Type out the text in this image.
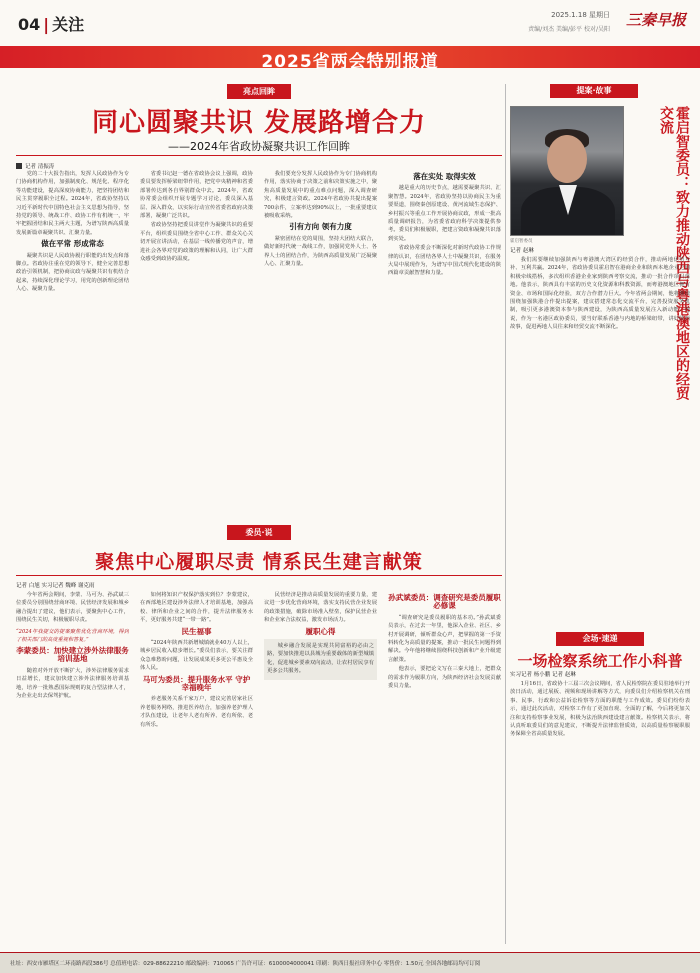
04 | 关注	三秦早报
2025.1.18 星期日
责编/刘杰 美编/彭平 校对/吴阳
2025省两会特别报道
亮点回眸
同心圆聚共识 发展路增合力
——2024年省政协凝聚共识工作回眸
记者 清振涛

党的二十大报告指出，发挥人民政协作为专门协商机构作用，加强制度化、规范化、程序化等功能建设，提高深度协商能力，把坚持团结和民主贯穿履职全过程。2024年，省政协坚持以习近平新时代中国特色社会主义思想为指导，坚持党的领导、统战工作、政协工作有机统一，牢牢把握团结和民主两大主题，为谱写陕西高质量发展新篇章凝聚共识、汇聚力量。

做在平常 形成常态

凝聚共识是人民政协履行职能的出发点和落脚点。省政协注重在党的领导下，健全完善思想政治引领机制，把协商议政与凝聚共识有机结合起来，持续深化理论学习，用党的创新理论团结人心、凝聚力量。

省委书记赵一德在省政协会议上强调，政协委员要发挥桥梁纽带作用，把党中央精神和省委部署传达到各自界别群众中去。2024年，省政协常委会组织开展专题学习讨论，委员深入基层、深入群众，以实际行动宣传省委省政府决策部署，凝聚广泛共识。

省政协坚持把委员讲堂作为凝聚共识的重要平台，组织委员围绕全省中心工作、群众关心关切开展宣讲活动，在基层一线传播党的声音，增进社会各界对党的政策的理解和认同，让广大群众感受到政协的温度。

我们要充分发挥人民政协作为专门协商机构作用，落实协商于决策之前和决策实施之中，聚焦高质量发展中的重点难点问题，深入调查研究，积极建言资政。2024年省政协共提出提案700余件，立案率达到90%以上，一批重要建议被吸收采纳。

引有方向 领有力度

紧密团结在党的周围，坚持大团结大联合，做好新时代统一战线工作，加强同党外人士、各界人士的团结合作，为陕西高质量发展广泛凝聚人心、汇聚力量。

落在实处 取得实效

越是重大的历史节点，越需要凝聚共识、汇聚智慧。2024年，省政协坚持以协商民主为重要渠道，围绕秦创原建设、黄河流域生态保护、乡村振兴等重点工作开展协商议政，形成一批高质量调研报告，为省委省政府科学决策提供参考。委员们积极履职，把建言资政和凝聚共识落到实处。

省政协常委会不断深化对新时代政协工作规律的认识，在团结各界人士中凝聚共识，在服务大局中展现作为，为谱写中国式现代化建设的陕西篇章贡献智慧和力量。

提案·故事
霍启智委员：致力推动陕西与粤港澳地区的经贸交流
霍启智委员
记者 赵琳

我们需要继续加强陕西与粤港澳大湾区的经贸合作，推动两地优势互补、互利共赢。2024年，省政协委员霍启智在港商企业和陕西本地企业之间积极牵线搭桥，多次组织香港企业家到陕西考察交流，推动一批合作项目落地。他表示，陕西具有丰富的历史文化资源和科教资源，而粤港澳地区拥有资金、市场和国际化经验，双方合作潜力巨大。今年省两会期间，他将继续围绕加强陕港合作提出提案，建议搭建常态化交流平台，完善投资服务机制，吸引更多港澳资本参与陕西建设，为陕西高质量发展注入新动能。他说，作为一名港区政协委员，要当好联系香港与内地的桥梁纽带，讲好陕西故事，促进两地人员往来和经贸交流不断深化。

委员·说
聚焦中心履职尽责 情系民生建言献策
记者 白旭 实习记者 魏峰 谢克雨

今年省两会期间，李蒙、马可为、孙武斌三位委员分别围绕营商环境、民营经济发展和城乡融合提出了建议，他们表示，要聚焦中心工作，围绕民生关切，积极履职尽责。

“2024年我提交的提案聚焦优化营商环境，得到了相关部门的高度重视和答复。”
李蒙委员：加快建立涉外法律服务培训基地

随着对外开放不断扩大，涉外法律服务需求日益增长，建议加快建立涉外法律服务培训基地，培养一批熟悉国际规则的复合型法律人才，为企业走出去保驾护航。

如何将知识产权保护落实到位？李蒙建议，在西部地区建设涉外法律人才培训基地，加强高校、律所和企业之间的合作，提升法律服务水平，更好服务共建“一带一路”。

民生福事

“2024年陕西共新增城镇就业40万人以上，城乡居民收入稳步增长。”委员们表示，要关注群众急难愁盼问题，让发展成果更多更公平惠及全体人民。

马可为委员：提升服务水平 守护幸福晚年

养老服务关系千家万户，建议完善居家社区养老服务网络，推进医养结合，加强养老护理人才队伍建设，让老年人老有所养、老有所依、老有所乐。

民营经济是推动高质量发展的重要力量，建议进一步优化营商环境，落实支持民营企业发展的政策措施，破除市场准入壁垒，保护民营企业和企业家合法权益，激发市场活力。

履职心得

城乡融合发展是实现共同富裕的必由之路，要加快推进以县城为重要载体的新型城镇化，促进城乡要素双向流动，让农村居民享有更多公共服务。

孙武斌委员：调查研究是委员履职必修课

“调查研究是委员履职的基本功。”孙武斌委员表示，在过去一年里，他深入企业、社区、乡村开展调研，倾听群众心声，把掌握的第一手资料转化为高质量的提案，推动一批民生问题得到解决。今年他将继续围绕科技创新和产业升级建言献策。

他表示，要把论文写在三秦大地上，把群众的需求作为履职方向，为陕西经济社会发展贡献委员力量。

会场·速递
一场检察系统工作小科普
实习记者 杨小鹏 记者 赵琳

1月16日，省政协十三届三次会议期间，省人民检察院在委员驻地举行开放日活动，通过展板、视频和现场讲解等方式，向委员们介绍检察机关在刑事、民事、行政和公益诉讼检察等方面的职能与工作成效。委员们纷纷表示，通过此次活动，对检察工作有了更加直观、全面的了解，今后将更加关注和支持检察事业发展，积极为法治陕西建设建言献策。检察机关表示，将认真听取委员们的意见建议，不断提升法律监督质效，以高质量检察履职服务保障全省高质量发展。

社址：西安市雁塔区二环南路西段386号 总值班电话：029-88622210 邮政编码：710065 广告许可证：6100004000041 印刷：陕西日报社印务中心 零售价：1.50元 全国各地邮局均可订阅
